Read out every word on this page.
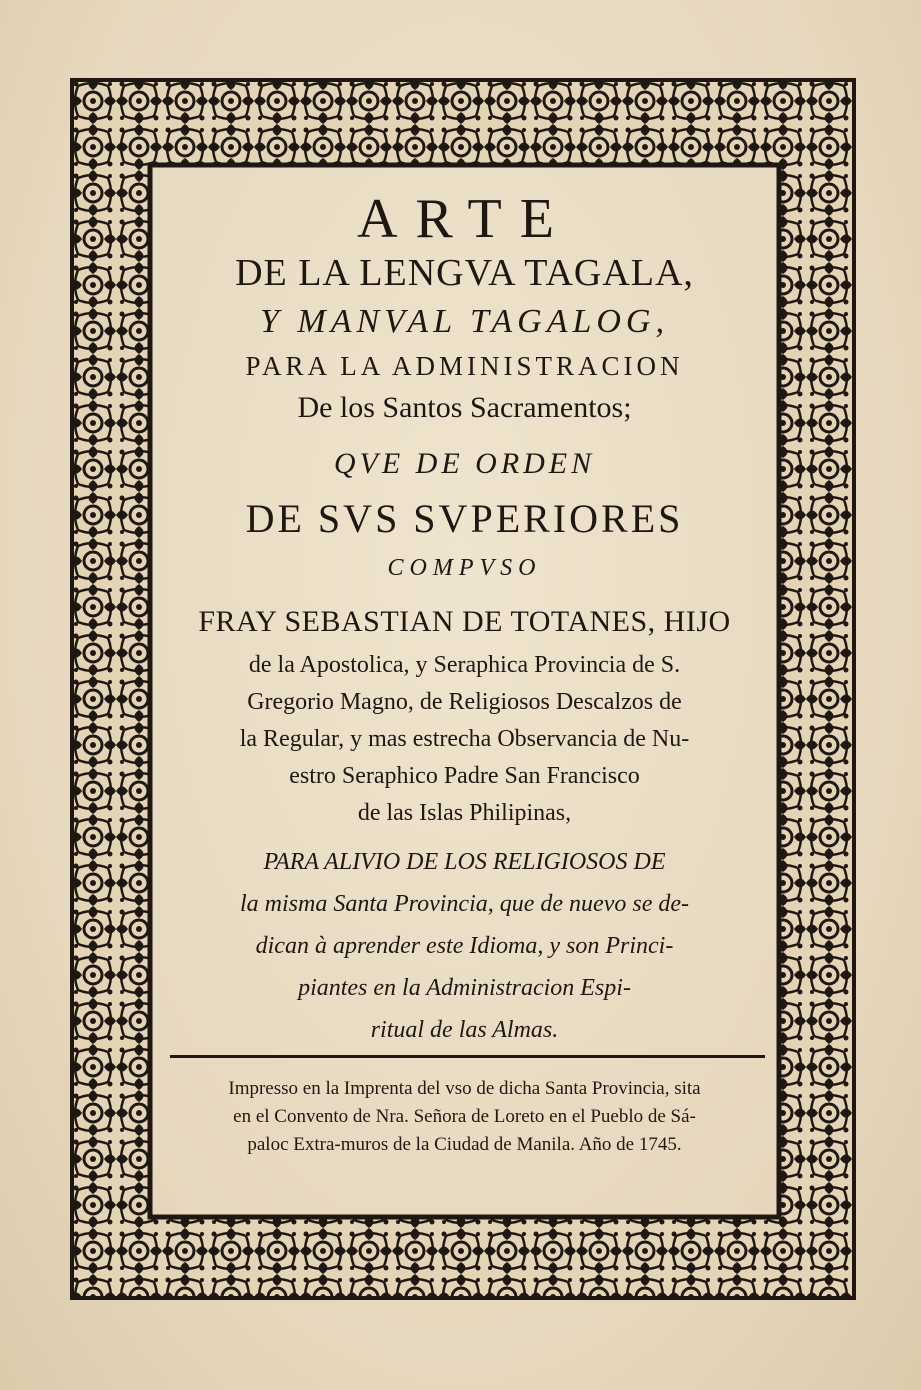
ARTE
DE LA LENGVA TAGALA,
Y MANVAL TAGALOG,
PARA LA ADMINISTRACION
De los Santos Sacramentos;
QVE DE ORDEN
DE SVS SVPERIORES
COMPVSO
FRAY SEBASTIAN DE TOTANES, HIJO
de la Apostolica, y Seraphica Provincia de S.
Gregorio Magno, de Religiosos Descalzos de
la Regular, y mas estrecha Observancia de Nu-
estro Seraphico Padre San Francisco
de las Islas Philipinas,
PARA ALIVIO DE LOS RELIGIOSOS DE
la misma Santa Provincia, que de nuevo se de-
dican à aprender este Idioma, y son Princi-
piantes en la Administracion Espi-
ritual de las Almas.
Impresso en la Imprenta del vso de dicha Santa Provincia, sita
en el Convento de Nra. Señora de Loreto en el Pueblo de Sá-
paloc Extra-muros de la Ciudad de Manila. Año de 1745.
